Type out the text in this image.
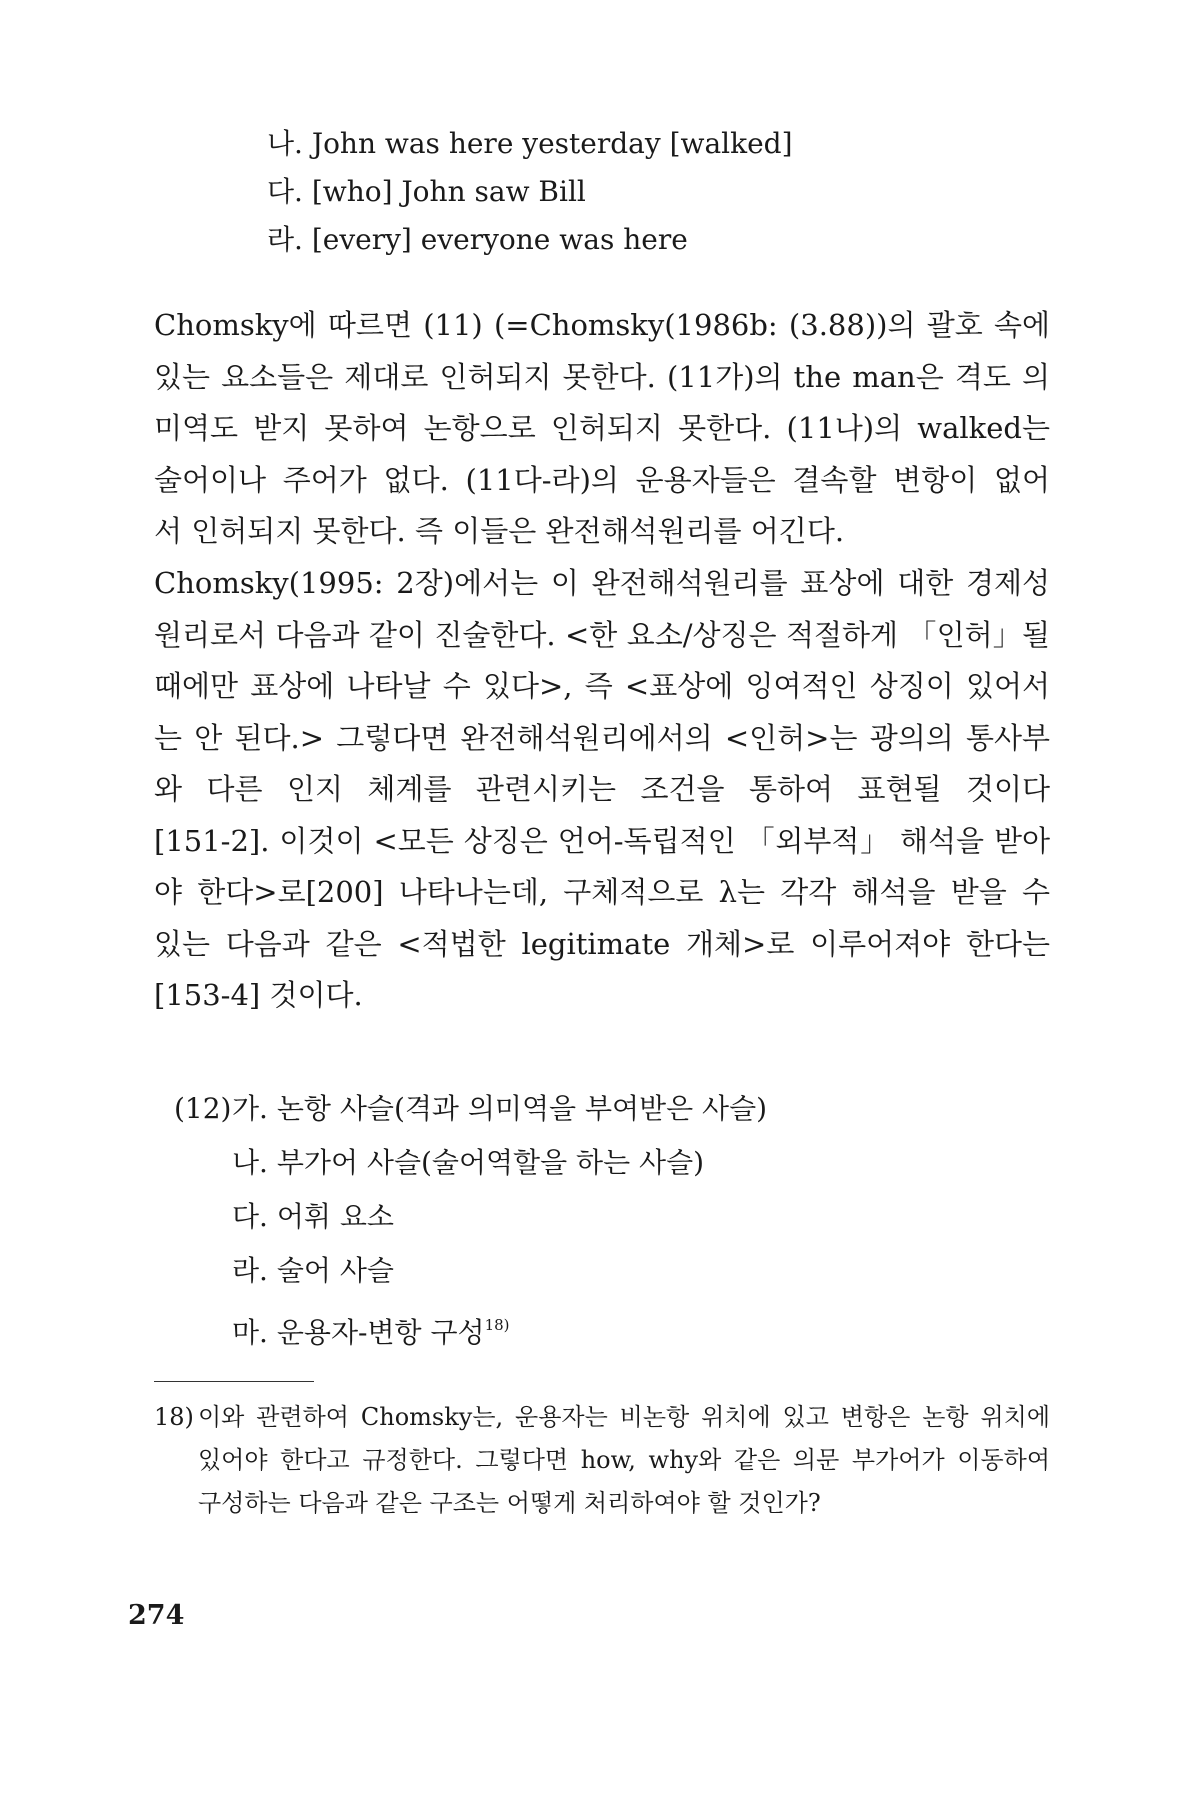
나. John was here yesterday [walked]
다. [who] John saw Bill
라. [every] everyone was here
Chomsky에 따르면 (11) (=Chomsky(1986b: (3.88))의 괄호 속에
있는 요소들은 제대로 인허되지 못한다. (11가)의 the man은 격도 의
미역도 받지 못하여 논항으로 인허되지 못한다. (11나)의 walked는
술어이나 주어가 없다. (11다-라)의 운용자들은 결속할 변항이 없어
서 인허되지 못한다. 즉 이들은 완전해석원리를 어긴다.
Chomsky(1995: 2장)에서는 이 완전해석원리를 표상에 대한 경제성
원리로서 다음과 같이 진술한다. <한 요소/상징은 적절하게 「인허」될
때에만 표상에 나타날 수 있다>, 즉 <표상에 잉여적인 상징이 있어서
는 안 된다.> 그렇다면 완전해석원리에서의 <인허>는 광의의 통사부
와 다른 인지 체계를 관련시키는 조건을 통하여 표현될 것이다
[151-2]. 이것이 <모든 상징은 언어-독립적인 「외부적」 해석을 받아
야 한다>로[200] 나타나는데, 구체적으로 λ는 각각 해석을 받을 수
있는 다음과 같은 <적법한 legitimate 개체>로 이루어져야 한다는
[153-4] 것이다.
(12)가. 논항 사슬(격과 의미역을 부여받은 사슬)
나. 부가어 사슬(술어역할을 하는 사슬)
다. 어휘 요소
라. 술어 사슬
마. 운용자-변항 구성$^{18)}$
18) 이와 관련하여 Chomsky는, 운용자는 비논항 위치에 있고 변항은 논항 위치에
있어야 한다고 규정한다. 그렇다면 how, why와 같은 의문 부가어가 이동하여
구성하는 다음과 같은 구조는 어떻게 처리하여야 할 것인가?
274
